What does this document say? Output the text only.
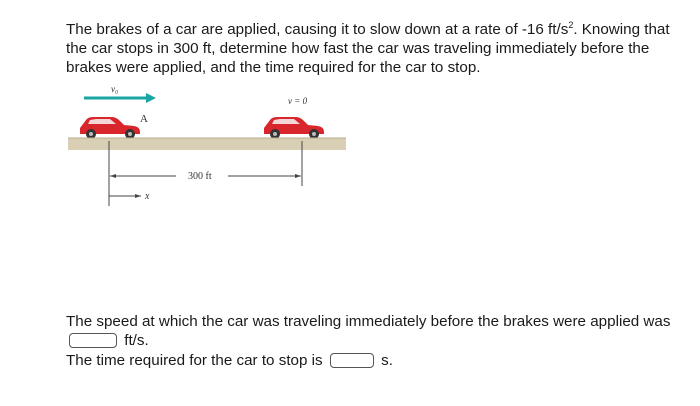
The brakes of a car are applied, causing it to slow down at a rate of -16 $ft/s^2$. Knowing that the car stops in 300 ft, determine how fast the car was traveling immediately before the brakes were applied, and the time required for the car to stop.

v₀
A
v = 0
300 ft
x

The speed at which the car was traveling immediately before the brakes were applied was  ft/s.

The time required for the car to stop is	s.
